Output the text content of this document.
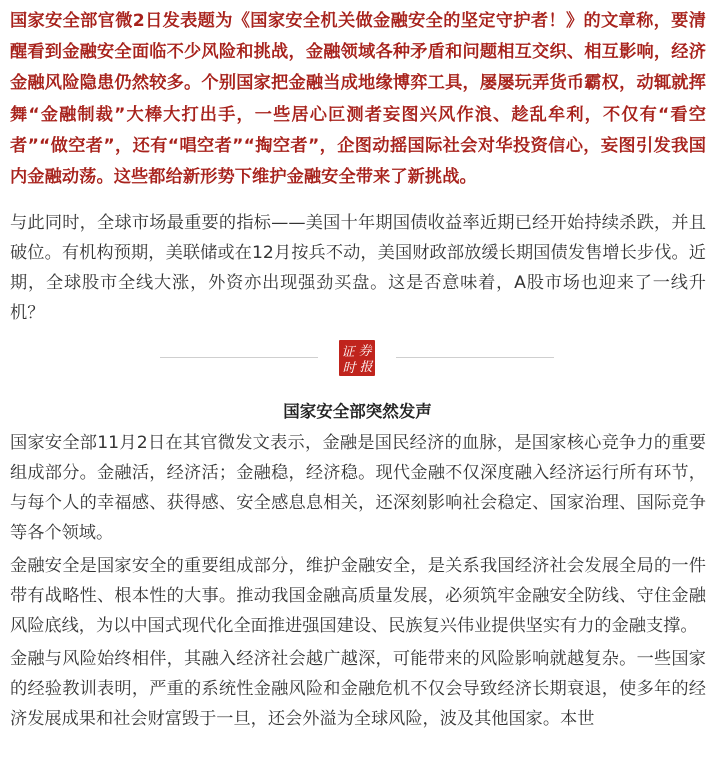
国家安全部官微2日发表题为《国家安全机关做金融安全的坚定守护者！》的文章称，要清醒看到金融安全面临不少风险和挑战，金融领域各种矛盾和问题相互交织、相互影响，经济金融风险隐患仍然较多。个别国家把金融当成地缘博弈工具，屡屡玩弄货币霸权，动辄就挥舞“金融制裁”大棒大打出手，一些居心叵测者妄图兴风作浪、趁乱牟利，不仅有“看空者”“做空者”，还有“唱空者”“掏空者”，企图动摇国际社会对华投资信心，妄图引发我国内金融动荡。这些都给新形势下维护金融安全带来了新挑战。

与此同时，全球市场最重要的指标——美国十年期国债收益率近期已经开始持续杀跌，并且破位。有机构预期，美联储或在12月按兵不动，美国财政部放缓长期国债发售增长步伐。近期，全球股市全线大涨，外资亦出现强劲买盘。这是否意味着，A股市场也迎来了一线升机？

证 券
时 报
国家安全部突然发声

国家安全部11月2日在其官微发文表示，金融是国民经济的血脉，是国家核心竞争力的重要组成部分。金融活，经济活；金融稳，经济稳。现代金融不仅深度融入经济运行所有环节，与每个人的幸福感、获得感、安全感息息相关，还深刻影响社会稳定、国家治理、国际竞争等各个领域。

金融安全是国家安全的重要组成部分，维护金融安全，是关系我国经济社会发展全局的一件带有战略性、根本性的大事。推动我国金融高质量发展，必须筑牢金融安全防线、守住金融风险底线，为以中国式现代化全面推进强国建设、民族复兴伟业提供坚实有力的金融支撑。

金融与风险始终相伴，其融入经济社会越广越深，可能带来的风险影响就越复杂。一些国家的经验教训表明，严重的系统性金融风险和金融危机不仅会导致经济长期衰退，使多年的经济发展成果和社会财富毁于一旦，还会外溢为全球风险，波及其他国家。本世
